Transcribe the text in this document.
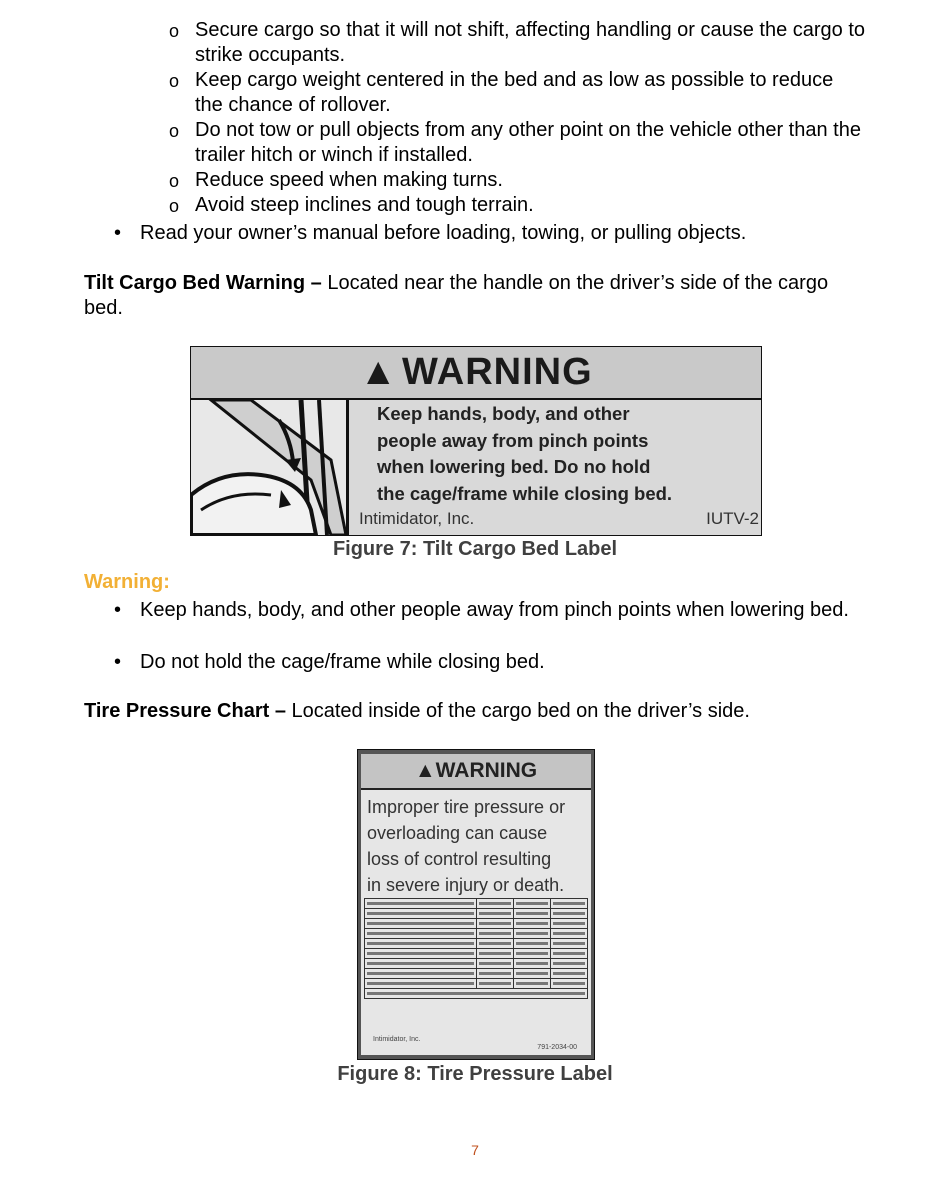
o Secure cargo so that it will not shift, affecting handling or cause the cargo to strike occupants.
o Keep cargo weight centered in the bed and as low as possible to reduce the chance of rollover.
o Do not tow or pull objects from any other point on the vehicle other than the trailer hitch or winch if installed.
o Reduce speed when making turns.
o Avoid steep inclines and tough terrain.
• Read your owner’s manual before loading, towing, or pulling objects.

Tilt Cargo Bed Warning – Located near the handle on the driver’s side of the cargo bed.

▲ WARNING
Keep hands, body, and other
people away from pinch points
when lowering bed. Do no hold
the cage/frame while closing bed.
Intimidator, Inc.	IUTV-2
Figure 7: Tilt Cargo Bed Label
Warning:
• Keep hands, body, and other people away from pinch points when lowering bed.
• Do not hold the cage/frame while closing bed.

Tire Pressure Chart – Located inside of the cargo bed on the driver’s side.

▲WARNING
Improper tire pressure or
overloading can cause
loss of control resulting
in severe injury or death.

Intimidator, Inc.
791-2034-00
Figure 8: Tire Pressure Label
7
